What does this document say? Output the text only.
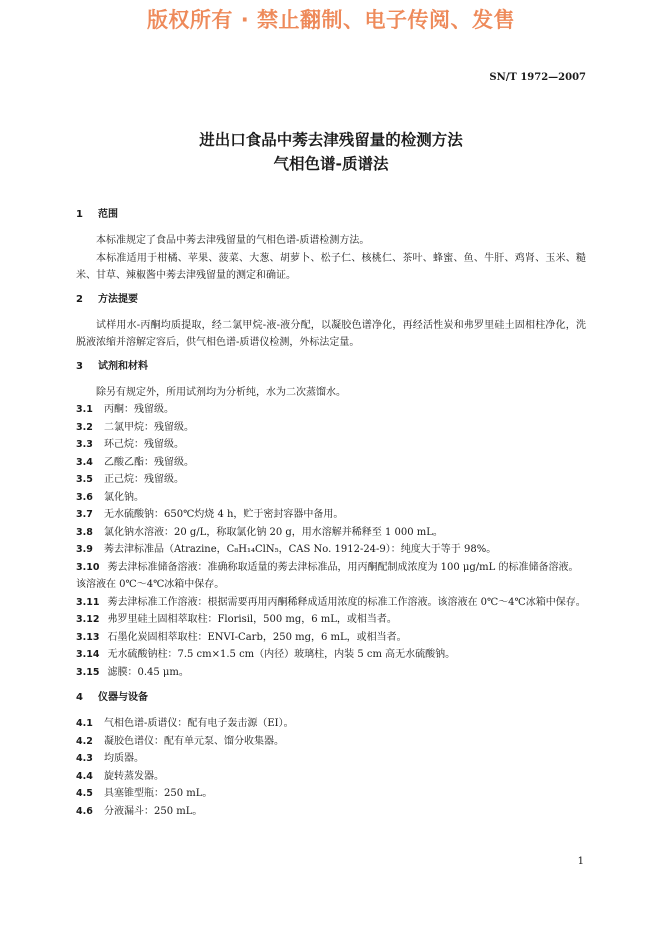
版权所有 · 禁止翻制、电子传阅、发售
SN/T 1972—2007
进出口食品中莠去津残留量的检测方法
气相色谱-质谱法
1 范围

本标准规定了食品中莠去津残留量的气相色谱-质谱检测方法。

本标准适用于柑橘、苹果、菠菜、大葱、胡萝卜、松子仁、核桃仁、茶叶、蜂蜜、鱼、牛肝、鸡肾、玉米、糙米、甘草、辣椒酱中莠去津残留量的测定和确证。

2 方法提要

试样用水-丙酮均质提取，经二氯甲烷-液-液分配，以凝胶色谱净化，再经活性炭和弗罗里硅土固相柱净化，洗脱液浓缩并溶解定容后，供气相色谱-质谱仪检测，外标法定量。

3 试剂和材料

除另有规定外，所用试剂均为分析纯，水为二次蒸馏水。

3.1 丙酮：残留级。

3.2 二氯甲烷：残留级。

3.3 环己烷：残留级。

3.4 乙酸乙酯：残留级。

3.5 正己烷：残留级。

3.6 氯化钠。

3.7 无水硫酸钠：650℃灼烧 4 h，贮于密封容器中备用。

3.8 氯化钠水溶液：20 g/L，称取氯化钠 20 g，用水溶解并稀释至 1 000 mL。

3.9 莠去津标准品（Atrazine，C₈H₁₄ClN₅，CAS No. 1912-24-9）：纯度大于等于 98%。

3.10 莠去津标准储备溶液：准确称取适量的莠去津标准品，用丙酮配制成浓度为 100 μg/mL 的标准储备溶液。该溶液在 0℃～4℃冰箱中保存。

3.11 莠去津标准工作溶液：根据需要再用丙酮稀释成适用浓度的标准工作溶液。该溶液在 0℃～4℃冰箱中保存。

3.12 弗罗里硅土固相萃取柱：Florisil，500 mg，6 mL，或相当者。

3.13 石墨化炭固相萃取柱：ENVI-Carb，250 mg，6 mL，或相当者。

3.14 无水硫酸钠柱：7.5 cm×1.5 cm（内径）玻璃柱，内装 5 cm 高无水硫酸钠。

3.15 滤膜：0.45 μm。

4 仪器与设备

4.1 气相色谱-质谱仪：配有电子轰击源（EI）。

4.2 凝胶色谱仪：配有单元泵、馏分收集器。

4.3 均质器。

4.4 旋转蒸发器。

4.5 具塞锥型瓶：250 mL。

4.6 分液漏斗：250 mL。

1
